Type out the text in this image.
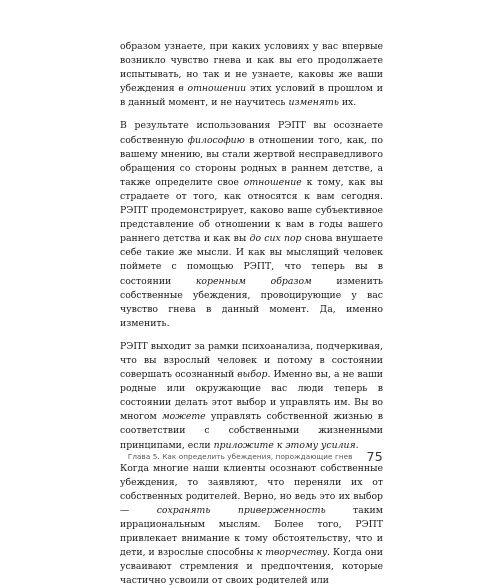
образом узнаете, при каких условиях у вас впервые возникло чувство гнева и как вы его продолжаете испытывать, но так и не узнаете, каковы же ваши убеждения в отношении этих условий в прошлом и в данный момент, и не научитесь изменять их.

В результате использования РЭПТ вы осознаете собственную философию в отношении того, как, по вашему мнению, вы стали жертвой несправедливого обращения со стороны родных в раннем детстве, а также определите свое отношение к тому, как вы страдаете от того, как относятся к вам сегодня. РЭПТ продемонстрирует, каково ваше субъективное представление об отношении к вам в годы вашего раннего детства и как вы до сих пор снова внушаете себе такие же мысли. И как вы мыслящий человек поймете с помощью РЭПТ, что теперь вы в состоянии коренным образом изменить собственные убеждения, провоцирующие у вас чувство гнева в данный момент. Да, именно изменить.

РЭПТ выходит за рамки психоанализа, подчеркивая, что вы взрослый человек и потому в состоянии совершать осознанный выбор. Именно вы, а не ваши родные или окружающие вас люди теперь в состоянии делать этот выбор и управлять им. Вы во многом можете управлять собственной жизнью в соответствии с собственными жизненными принципами, если приложите к этому усилия.

Когда многие наши клиенты осознают собственные убеждения, то заявляют, что переняли их от собственных родителей. Верно, но ведь это их выбор — сохранять приверженность таким иррациональным мыслям. Более того, РЭПТ привлекает внимание к тому обстоятельству, что и дети, и взрослые способны к творчеству. Когда они усваивают стремления и предпочтения, которые частично усвоили от своих родителей или

Глава 5. Как определить убеждения, порождающие гнев 75
